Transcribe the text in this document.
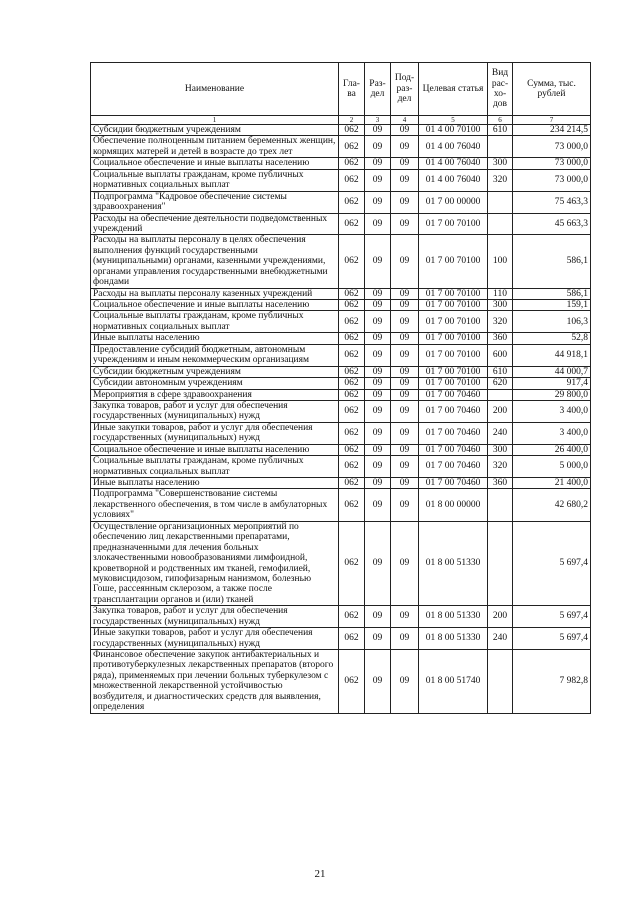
Наименование	Гла-ва	Раз-дел	Под-раз-дел	Целевая статья	Вид рас-хо-дов	Сумма, тыс. рублей
1	2	3	4	5	6	7
Субсидии бюджетным учреждениям	062	09	09	01 4 00 70100	610	234 214,5
Обеспечение полноценным питанием беременных женщин, кормящих матерей и детей в возрасте до трех лет	062	09	09	01 4 00 76040		73 000,0
Социальное обеспечение и иные выплаты населению	062	09	09	01 4 00 76040	300	73 000,0
Социальные выплаты гражданам, кроме публичных нормативных социальных выплат	062	09	09	01 4 00 76040	320	73 000,0
Подпрограмма "Кадровое обеспечение системы здравоохранения"	062	09	09	01 7 00 00000		75 463,3
Расходы на обеспечение деятельности подведомственных учреждений	062	09	09	01 7 00 70100		45 663,3
Расходы на выплаты персоналу в целях обеспечения выполнения функций государственными (муниципальными) органами, казенными учреждениями, органами управления государственными внебюджетными фондами	062	09	09	01 7 00 70100	100	586,1
Расходы на выплаты персоналу казенных учреждений	062	09	09	01 7 00 70100	110	586,1
Социальное обеспечение и иные выплаты населению	062	09	09	01 7 00 70100	300	159,1
Социальные выплаты гражданам, кроме публичных нормативных социальных выплат	062	09	09	01 7 00 70100	320	106,3
Иные выплаты населению	062	09	09	01 7 00 70100	360	52,8
Предоставление субсидий бюджетным, автономным учреждениям и иным некоммерческим организациям	062	09	09	01 7 00 70100	600	44 918,1
Субсидии бюджетным учреждениям	062	09	09	01 7 00 70100	610	44 000,7
Субсидии автономным учреждениям	062	09	09	01 7 00 70100	620	917,4
Мероприятия в сфере здравоохранения	062	09	09	01 7 00 70460		29 800,0
Закупка товаров, работ и услуг для обеспечения государственных (муниципальных) нужд	062	09	09	01 7 00 70460	200	3 400,0
Иные закупки товаров, работ и услуг для обеспечения государственных (муниципальных) нужд	062	09	09	01 7 00 70460	240	3 400,0
Социальное обеспечение и иные выплаты населению	062	09	09	01 7 00 70460	300	26 400,0
Социальные выплаты гражданам, кроме публичных нормативных социальных выплат	062	09	09	01 7 00 70460	320	5 000,0
Иные выплаты населению	062	09	09	01 7 00 70460	360	21 400,0
Подпрограмма "Совершенствование системы лекарственного обеспечения, в том числе в амбулаторных условиях"	062	09	09	01 8 00 00000		42 680,2
Осуществление организационных мероприятий по обеспечению лиц лекарственными препаратами, предназначенными для лечения больных злокачественными новообразованиями лимфоидной, кроветворной и родственных им тканей, гемофилией, муковисцидозом, гипофизарным нанизмом, болезнью Гоше, рассеянным склерозом, а также после трансплантации органов и (или) тканей	062	09	09	01 8 00 51330		5 697,4
Закупка товаров, работ и услуг для обеспечения государственных (муниципальных) нужд	062	09	09	01 8 00 51330	200	5 697,4
Иные закупки товаров, работ и услуг для обеспечения государственных (муниципальных) нужд	062	09	09	01 8 00 51330	240	5 697,4
Финансовое обеспечение закупок антибактериальных и противотуберкулезных лекарственных препаратов (второго ряда), применяемых при лечении больных туберкулезом с множественной лекарственной устойчивостью возбудителя, и диагностических средств для выявления, определения	062	09	09	01 8 00 51740		7 982,8
21
